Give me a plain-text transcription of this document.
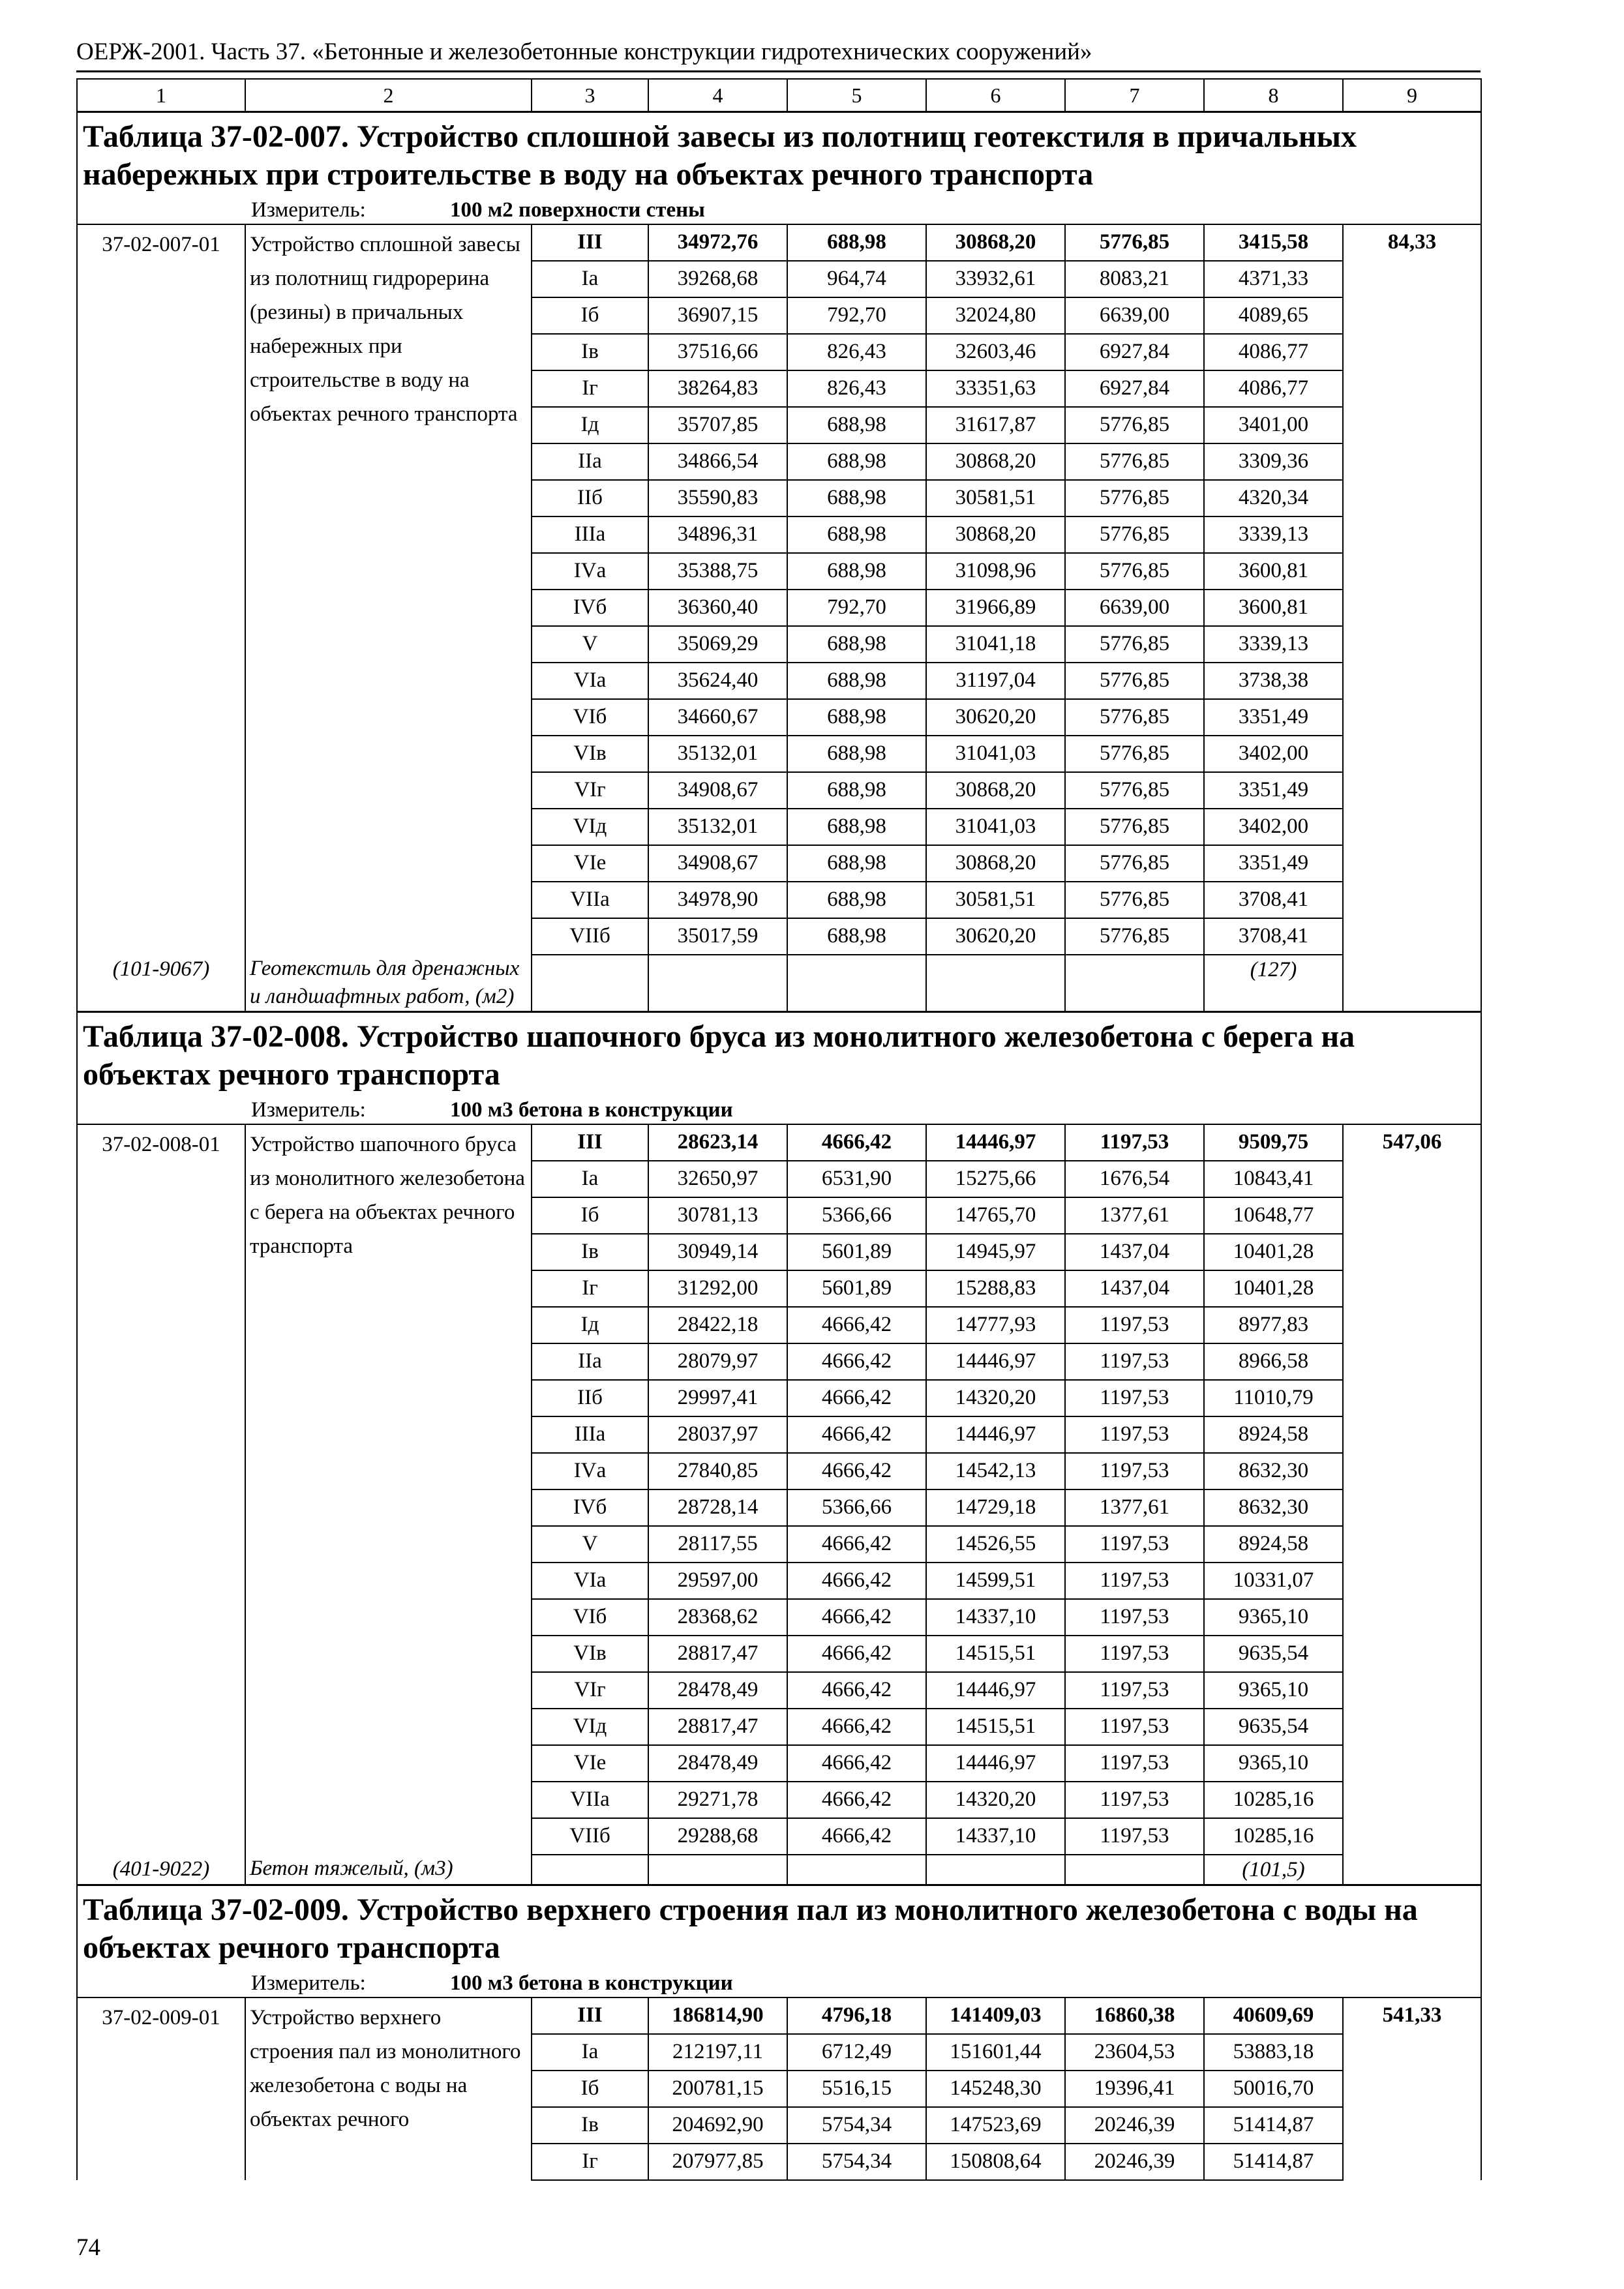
ОЕРЖ-2001. Часть 37. «Бетонные и железобетонные конструкции гидротехнических сооружений»
1	2	3	4	5	6	7	8	9

Таблица 37-02-007. Устройство сплошной завесы из полотнищ геотекстиля в причальных набережных при строительстве в воду на объектах речного транспорта
Измеритель: 100 м2 поверхности стены								

37-02-007-01	Устройство сплошной завесы из полотнищ гидрорерина (резины) в причальных набережных при строительстве в воду на объектах речного транспорта	III	34972,76	688,98	30868,20	5776,85	3415,58	84,33
		Iа	39268,68	964,74	33932,61	8083,21	4371,33	
		Iб	36907,15	792,70	32024,80	6639,00	4089,65	
		Iв	37516,66	826,43	32603,46	6927,84	4086,77	
		Iг	38264,83	826,43	33351,63	6927,84	4086,77	
		Iд	35707,85	688,98	31617,87	5776,85	3401,00	
		IIа	34866,54	688,98	30868,20	5776,85	3309,36	
		IIб	35590,83	688,98	30581,51	5776,85	4320,34	
		IIIа	34896,31	688,98	30868,20	5776,85	3339,13	
		IVа	35388,75	688,98	31098,96	5776,85	3600,81	
		IVб	36360,40	792,70	31966,89	6639,00	3600,81	
		V	35069,29	688,98	31041,18	5776,85	3339,13	
		VIа	35624,40	688,98	31197,04	5776,85	3738,38	
		VIб	34660,67	688,98	30620,20	5776,85	3351,49	
		VIв	35132,01	688,98	31041,03	5776,85	3402,00	
		VIг	34908,67	688,98	30868,20	5776,85	3351,49	
		VIд	35132,01	688,98	31041,03	5776,85	3402,00	
		VIе	34908,67	688,98	30868,20	5776,85	3351,49	
		VIIа	34978,90	688,98	30581,51	5776,85	3708,41	
		VIIб	35017,59	688,98	30620,20	5776,85	3708,41	
(101-9067)	Геотекстиль для дренажных и ландшафтных работ, (м2)						(127)	

Таблица 37-02-008. Устройство шапочного бруса из монолитного железобетона с берега на объектах речного транспорта
Измеритель: 100 м3 бетона в конструкции								

37-02-008-01	Устройство шапочного бруса из монолитного железобетона с берега на объектах речного транспорта	III	28623,14	4666,42	14446,97	1197,53	9509,75	547,06
		Iа	32650,97	6531,90	15275,66	1676,54	10843,41	
		Iб	30781,13	5366,66	14765,70	1377,61	10648,77	
		Iв	30949,14	5601,89	14945,97	1437,04	10401,28	
		Iг	31292,00	5601,89	15288,83	1437,04	10401,28	
		Iд	28422,18	4666,42	14777,93	1197,53	8977,83	
		IIа	28079,97	4666,42	14446,97	1197,53	8966,58	
		IIб	29997,41	4666,42	14320,20	1197,53	11010,79	
		IIIа	28037,97	4666,42	14446,97	1197,53	8924,58	
		IVа	27840,85	4666,42	14542,13	1197,53	8632,30	
		IVб	28728,14	5366,66	14729,18	1377,61	8632,30	
		V	28117,55	4666,42	14526,55	1197,53	8924,58	
		VIа	29597,00	4666,42	14599,51	1197,53	10331,07	
		VIб	28368,62	4666,42	14337,10	1197,53	9365,10	
		VIв	28817,47	4666,42	14515,51	1197,53	9635,54	
		VIг	28478,49	4666,42	14446,97	1197,53	9365,10	
		VIд	28817,47	4666,42	14515,51	1197,53	9635,54	
		VIе	28478,49	4666,42	14446,97	1197,53	9365,10	
		VIIа	29271,78	4666,42	14320,20	1197,53	10285,16	
		VIIб	29288,68	4666,42	14337,10	1197,53	10285,16	
(401-9022)	Бетон тяжелый, (м3)						(101,5)	

Таблица 37-02-009. Устройство верхнего строения пал из монолитного железобетона с воды на объектах речного транспорта
Измеритель: 100 м3 бетона в конструкции								

37-02-009-01	Устройство верхнего строения пал из монолитного железобетона с воды на объектах речного	III	186814,90	4796,18	141409,03	16860,38	40609,69	541,33
		Iа	212197,11	6712,49	151601,44	23604,53	53883,18	
		Iб	200781,15	5516,15	145248,30	19396,41	50016,70	
		Iв	204692,90	5754,34	147523,69	20246,39	51414,87	
		Iг	207977,85	5754,34	150808,64	20246,39	51414,87	
74
